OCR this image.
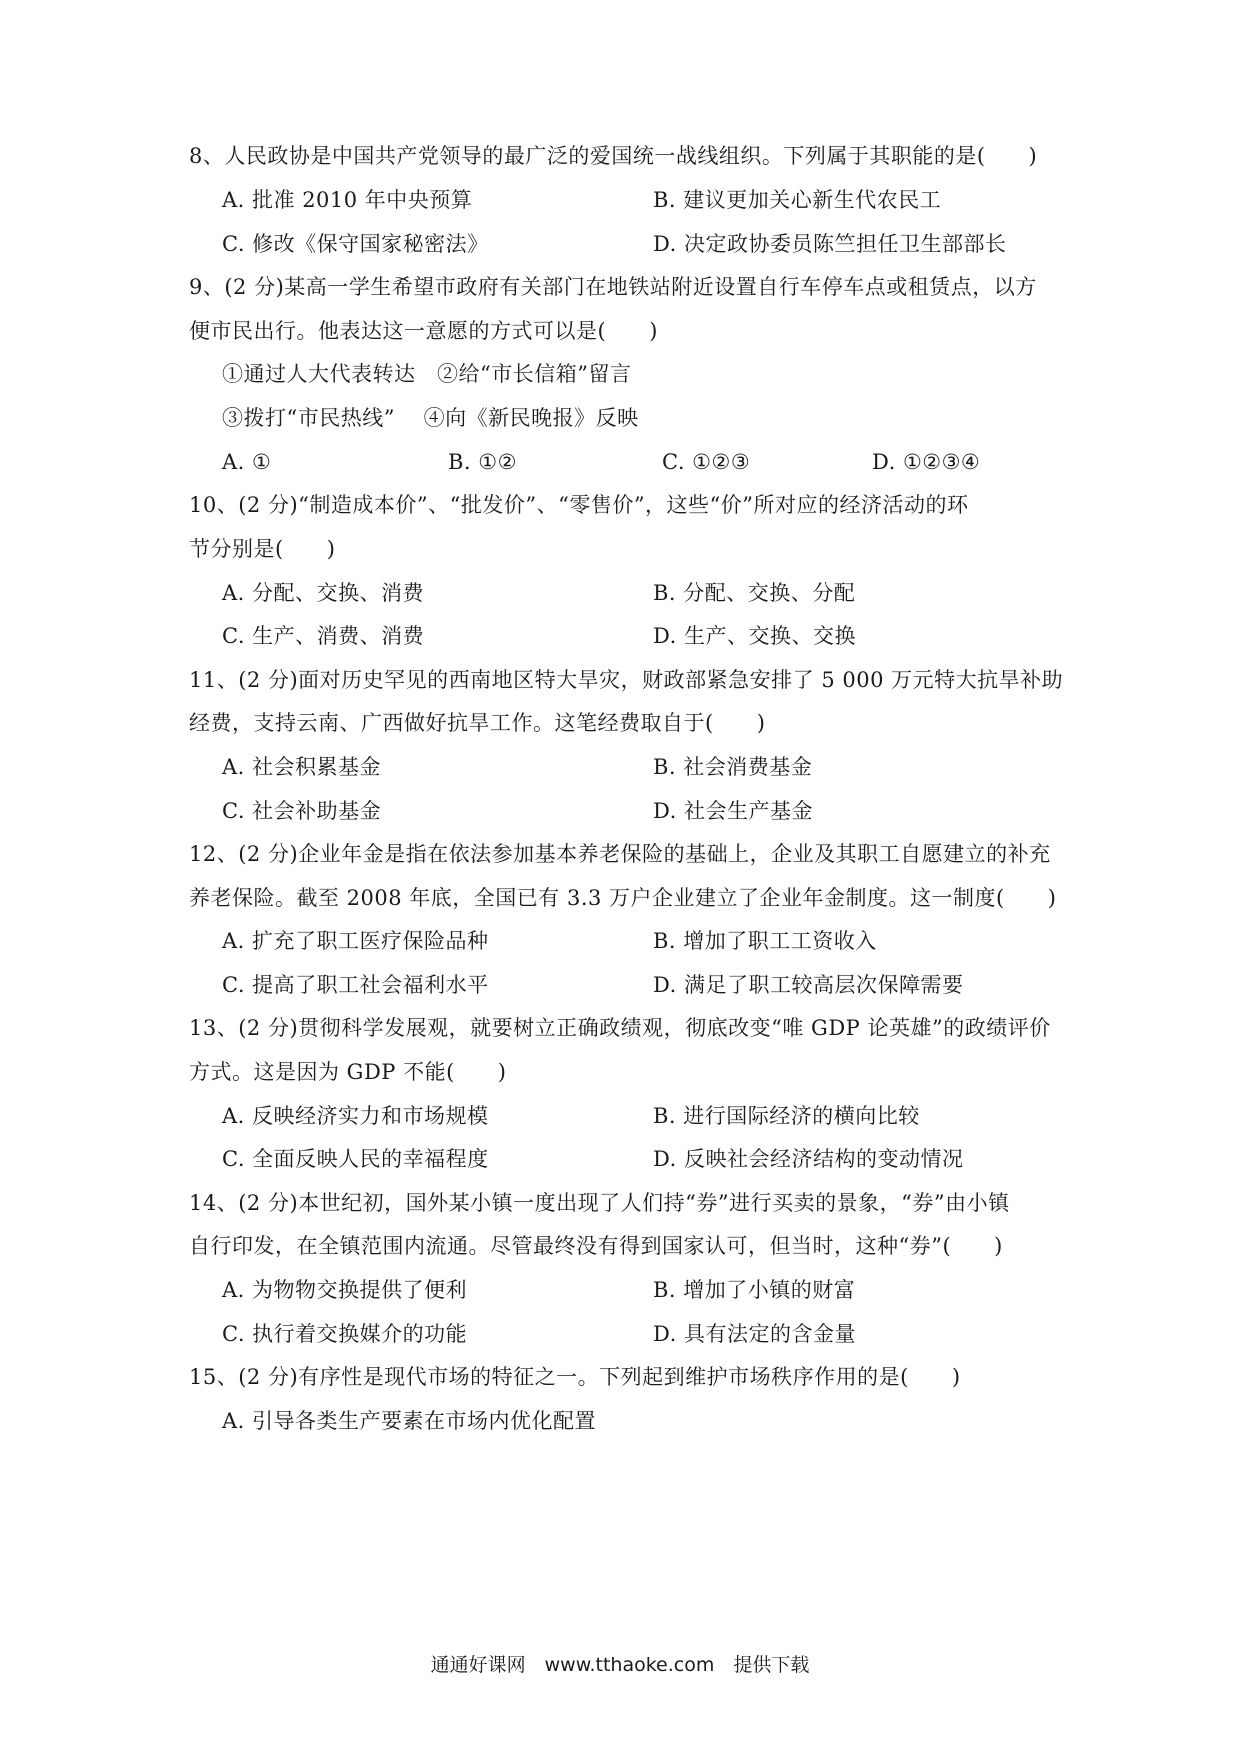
8、人民政协是中国共产党领导的最广泛的爱国统一战线组织。下列属于其职能的是(　　)
A. 批准 2010 年中央预算	B. 建议更加关心新生代农民工
C. 修改《保守国家秘密法》	D. 决定政协委员陈竺担任卫生部部长
9、(2 分)某高一学生希望市政府有关部门在地铁站附近设置自行车停车点或租赁点，以方
便市民出行。他表达这一意愿的方式可以是(　　)
①通过人大代表转达　②给“市长信箱”留言
③拨打“市民热线”　 ④向《新民晚报》反映
A. ①	B. ①②	C. ①②③	D. ①②③④
10、(2 分)“制造成本价”、“批发价”、“零售价”，这些“价”所对应的经济活动的环
节分别是(　　)
A. 分配、交换、消费	B. 分配、交换、分配
C. 生产、消费、消费	D. 生产、交换、交换
11、(2 分)面对历史罕见的西南地区特大旱灾，财政部紧急安排了 5 000 万元特大抗旱补助
经费，支持云南、广西做好抗旱工作。这笔经费取自于(　　)
A. 社会积累基金	B. 社会消费基金
C. 社会补助基金	D. 社会生产基金
12、(2 分)企业年金是指在依法参加基本养老保险的基础上，企业及其职工自愿建立的补充
养老保险。截至 2008 年底，全国已有 3.3 万户企业建立了企业年金制度。这一制度(　　)
A. 扩充了职工医疗保险品种	B. 增加了职工工资收入
C. 提高了职工社会福利水平	D. 满足了职工较高层次保障需要
13、(2 分)贯彻科学发展观，就要树立正确政绩观，彻底改变“唯 GDP 论英雄”的政绩评价
方式。这是因为 GDP 不能(　　)
A. 反映经济实力和市场规模	B. 进行国际经济的横向比较
C. 全面反映人民的幸福程度	D. 反映社会经济结构的变动情况
14、(2 分)本世纪初，国外某小镇一度出现了人们持“券”进行买卖的景象，“券”由小镇
自行印发，在全镇范围内流通。尽管最终没有得到国家认可，但当时，这种“券”(　　)
A. 为物物交换提供了便利	B. 增加了小镇的财富
C. 执行着交换媒介的功能	D. 具有法定的含金量
15、(2 分)有序性是现代市场的特征之一。下列起到维护市场秩序作用的是(　　)
A. 引导各类生产要素在市场内优化配置
通通好课网　www.tthaoke.com　提供下载
